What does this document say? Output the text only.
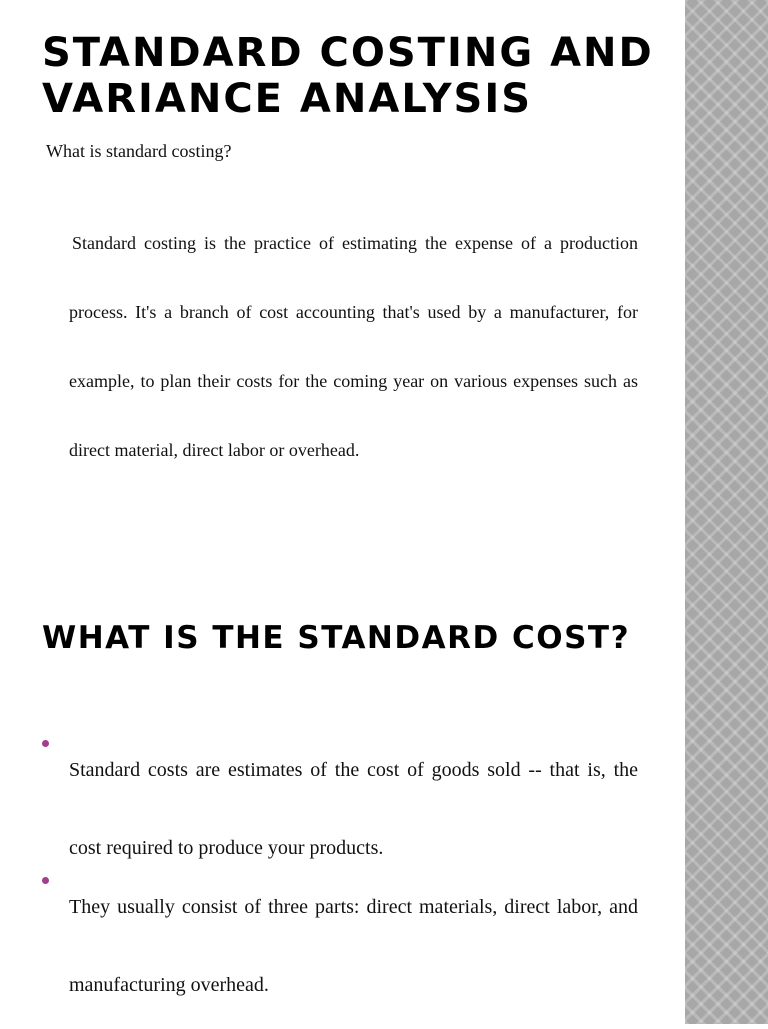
STANDARD COSTING AND VARIANCE ANALYSIS

What is standard costing?

Standard costing is the practice of estimating the expense of a production process. It's a branch of cost accounting that's used by a manufacturer, for example, to plan their costs for the coming year on various expenses such as direct material, direct labor or overhead.

WHAT IS THE STANDARD COST?
Standard costs are estimates of the cost of goods sold -- that is, the cost required to produce your products.
They usually consist of three parts: direct materials, direct labor, and manufacturing overhead.
